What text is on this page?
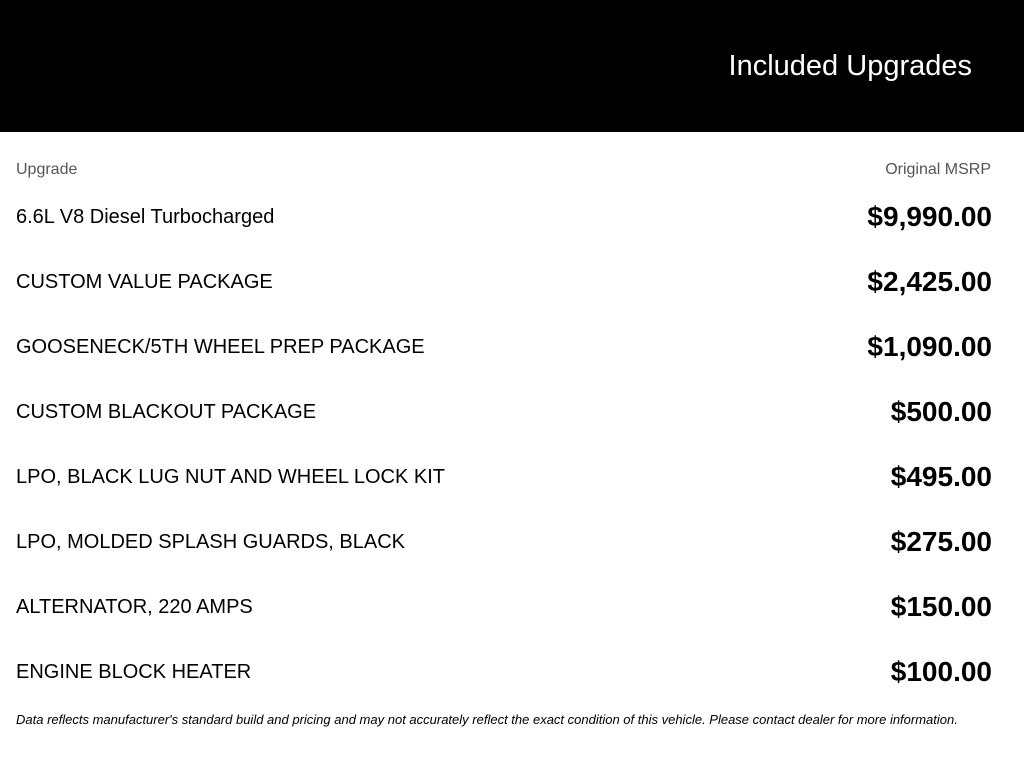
Included Upgrades
Upgrade	Original MSRP
6.6L V8 Diesel Turbocharged	$9,990.00
CUSTOM VALUE PACKAGE	$2,425.00
GOOSENECK/5TH WHEEL PREP PACKAGE	$1,090.00
CUSTOM BLACKOUT PACKAGE	$500.00
LPO, BLACK LUG NUT AND WHEEL LOCK KIT	$495.00
LPO, MOLDED SPLASH GUARDS, BLACK	$275.00
ALTERNATOR, 220 AMPS	$150.00
ENGINE BLOCK HEATER	$100.00
Data reflects manufacturer's standard build and pricing and may not accurately reflect the exact condition of this vehicle. Please contact dealer for more information.
